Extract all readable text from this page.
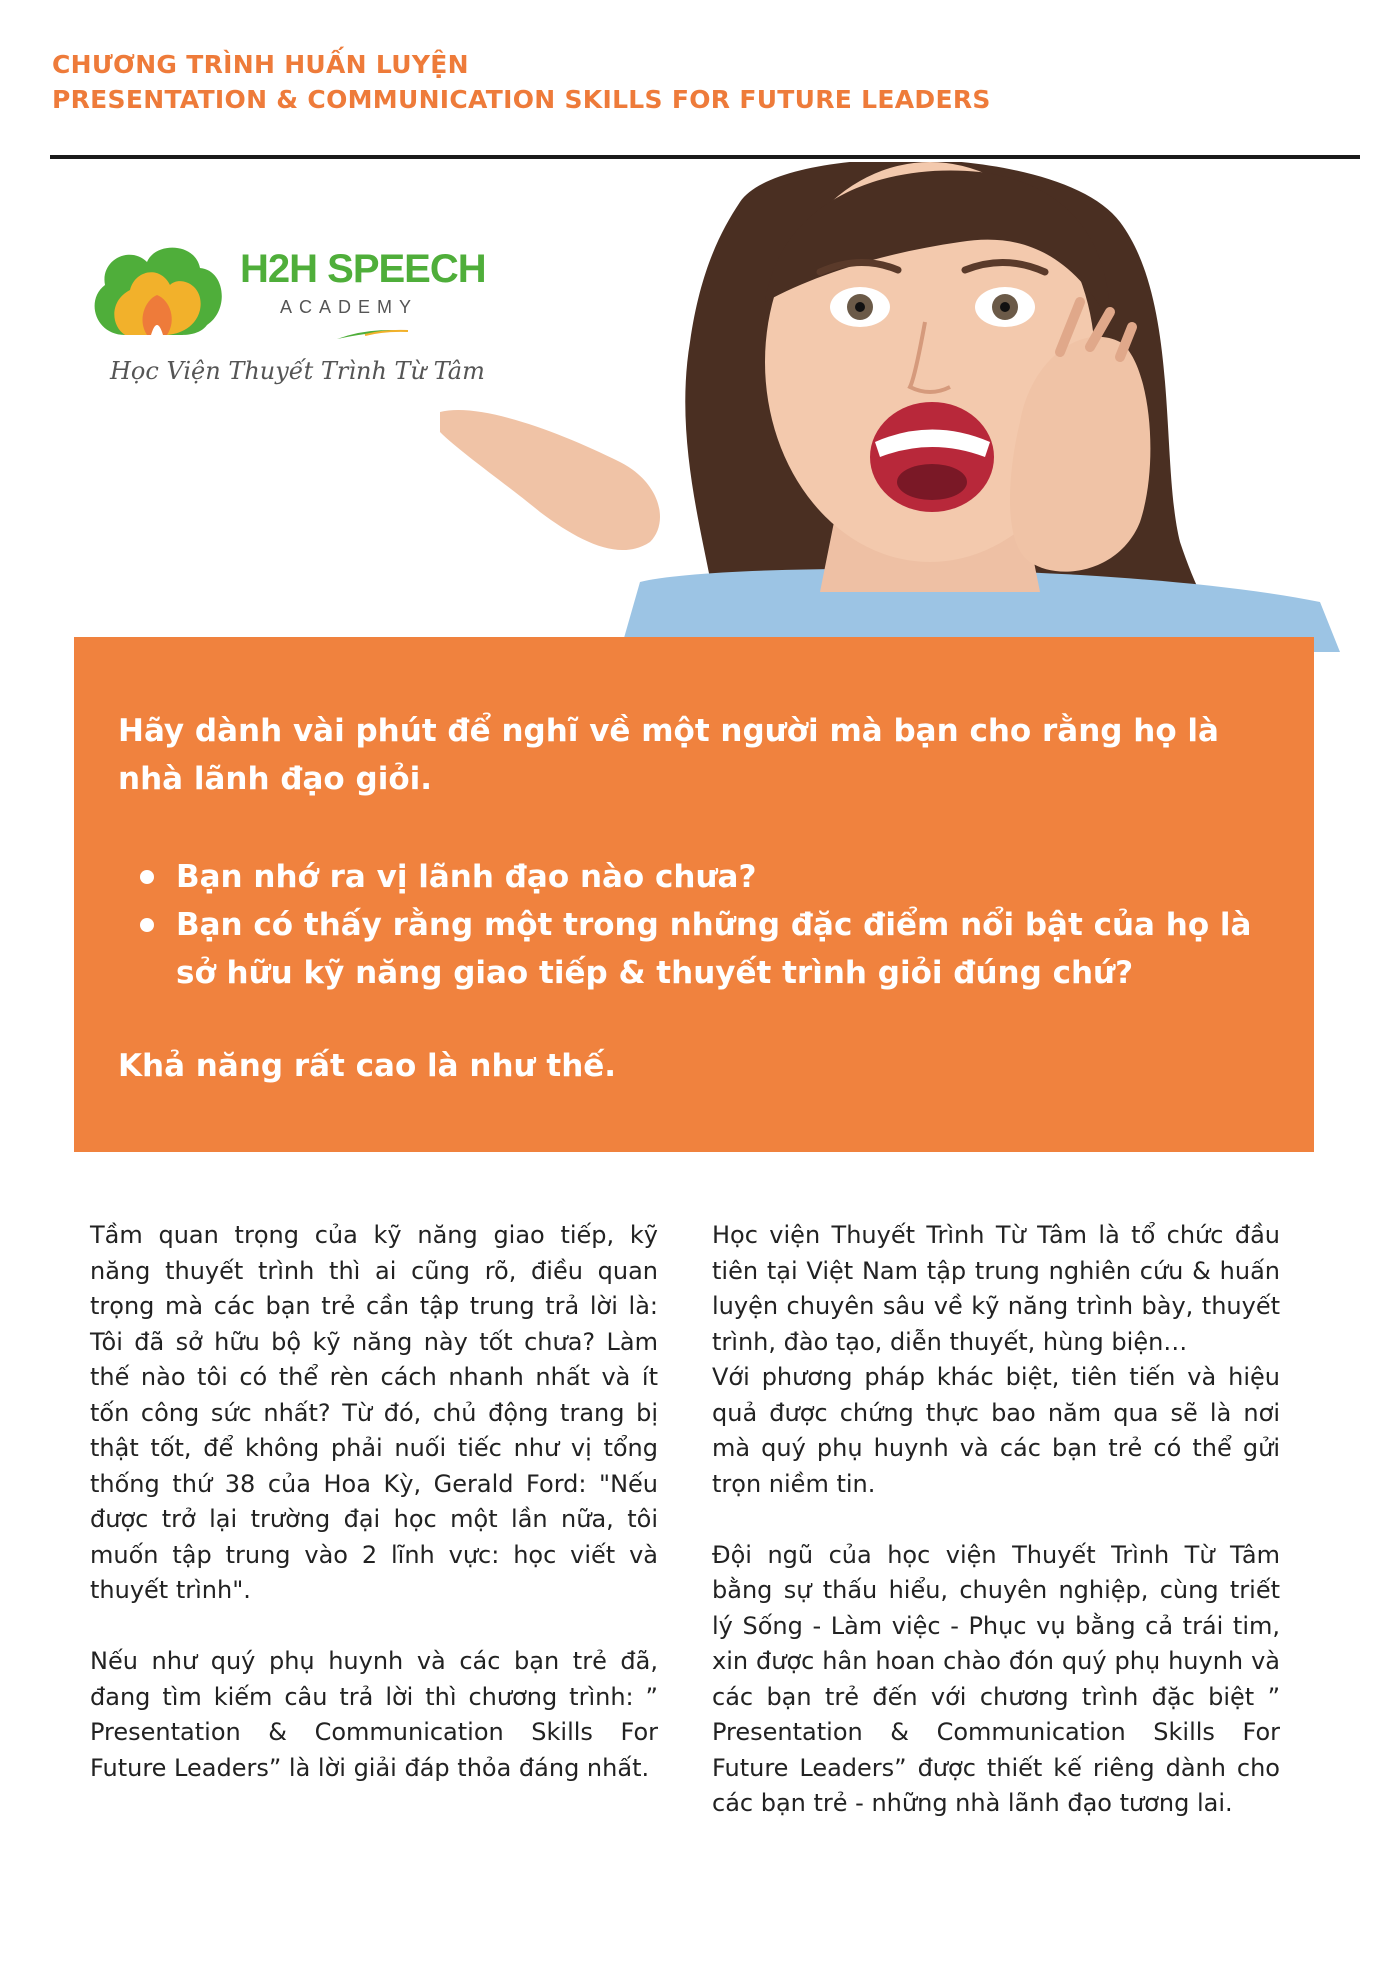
CHƯƠNG TRÌNH HUẤN LUYỆN
PRESENTATION & COMMUNICATION SKILLS FOR FUTURE LEADERS
H2H SPEECH
ACADEMY
Học Viện Thuyết Trình Từ Tâm

Hãy dành vài phút để nghĩ về một người mà bạn cho rằng họ là nhà lãnh đạo giỏi.

Bạn nhớ ra vị lãnh đạo nào chưa?
Bạn có thấy rằng một trong những đặc điểm nổi bật của họ là sở hữu kỹ năng giao tiếp & thuyết trình giỏi đúng chứ?

Khả năng rất cao là như thế.

Tầm quan trọng của kỹ năng giao tiếp, kỹ năng thuyết trình thì ai cũng rõ, điều quan trọng mà các bạn trẻ cần tập trung trả lời là: Tôi đã sở hữu bộ kỹ năng này tốt chưa? Làm thế nào tôi có thể rèn cách nhanh nhất và ít tốn công sức nhất? Từ đó, chủ động trang bị thật tốt, để không phải nuối tiếc như vị tổng thống thứ 38 của Hoa Kỳ, Gerald Ford: "Nếu được trở lại trường đại học một lần nữa, tôi muốn tập trung vào 2 lĩnh vực: học viết và thuyết trình".

Nếu như quý phụ huynh và các bạn trẻ đã, đang tìm kiếm câu trả lời thì chương trình: ” Presentation & Communication Skills For Future Leaders” là lời giải đáp thỏa đáng nhất.

Học viện Thuyết Trình Từ Tâm là tổ chức đầu tiên tại Việt Nam tập trung nghiên cứu & huấn luyện chuyên sâu về kỹ năng trình bày, thuyết trình, đào tạo, diễn thuyết, hùng biện…

Với phương pháp khác biệt, tiên tiến và hiệu quả được chứng thực bao năm qua sẽ là nơi mà quý phụ huynh và các bạn trẻ có thể gửi trọn niềm tin.

Đội ngũ của học viện Thuyết Trình Từ Tâm bằng sự thấu hiểu, chuyên nghiệp, cùng triết lý Sống - Làm việc - Phục vụ bằng cả trái tim, xin được hân hoan chào đón quý phụ huynh và các bạn trẻ đến với chương trình đặc biệt ” Presentation & Communication Skills For Future Leaders” được thiết kế riêng dành cho các bạn trẻ - những nhà lãnh đạo tương lai.
